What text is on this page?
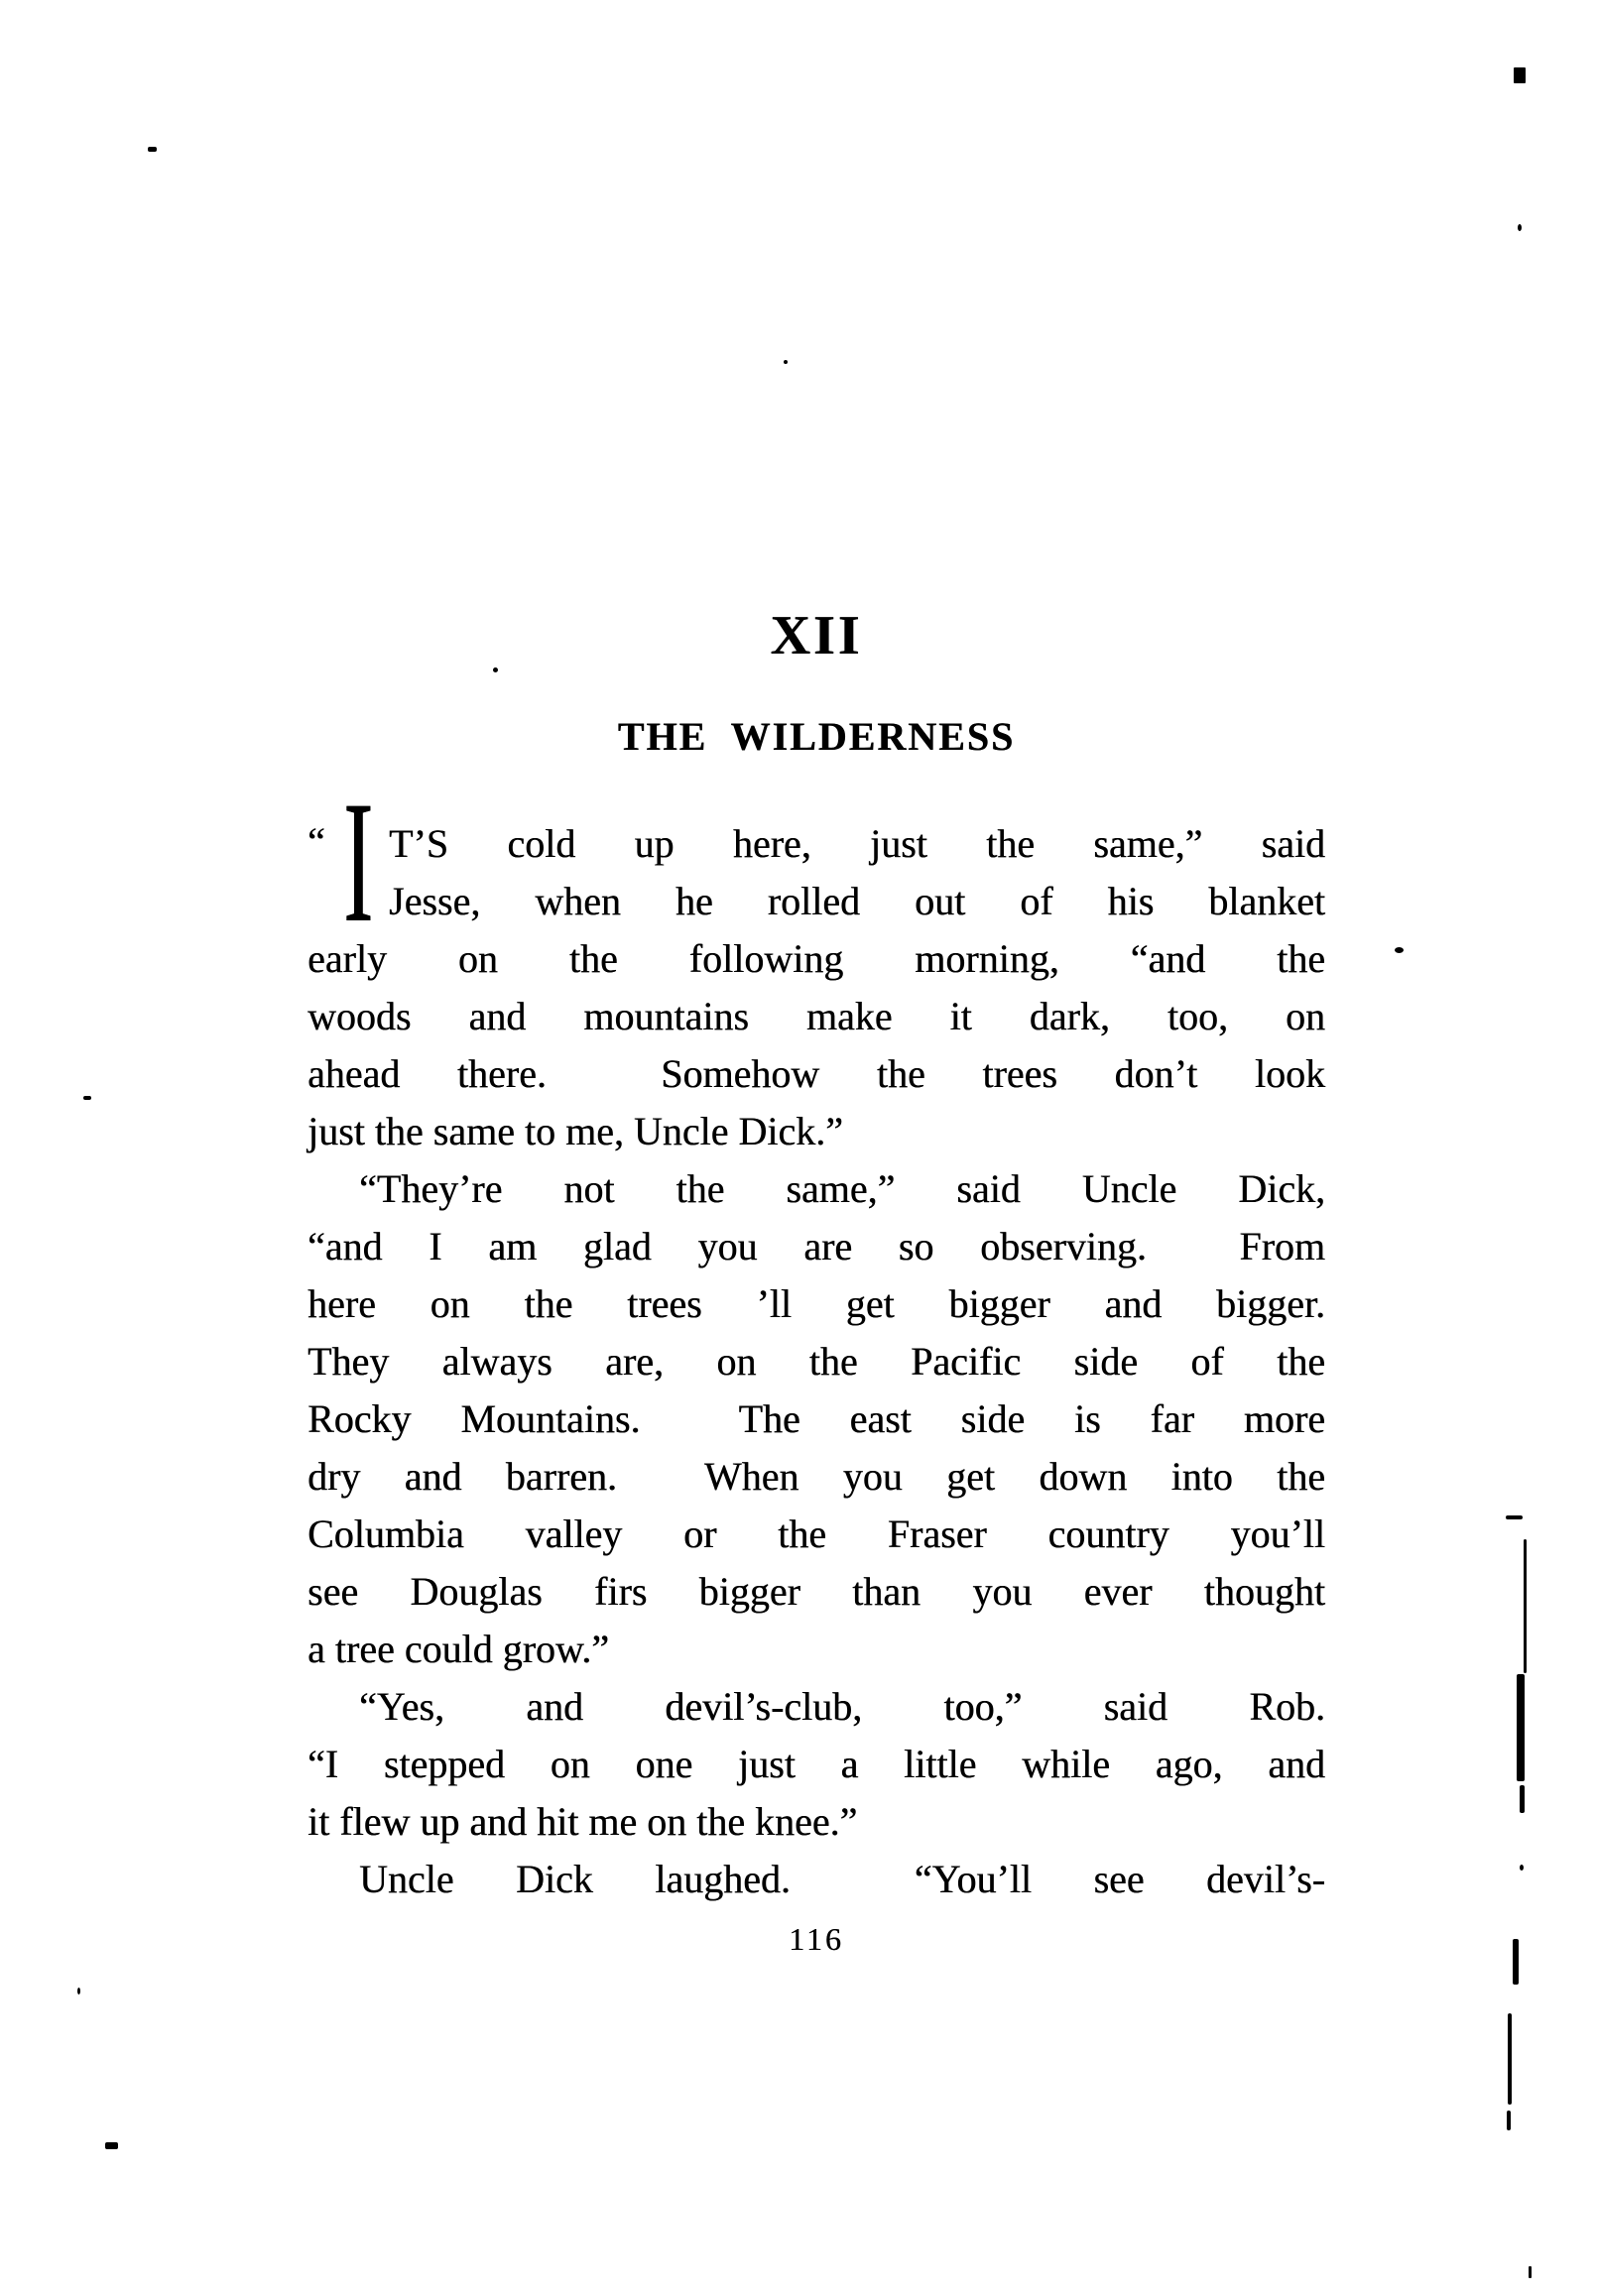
XII
THE WILDERNESS
“ I T’S cold up here, just the same,” said
Jesse, when he rolled out of his blanket
early on the following morning, “and the
woods and mountains make it dark, too, on
ahead there.  Somehow the trees don’t look
just the same to me, Uncle Dick.”
“They’re not the same,” said Uncle Dick,
“and I am glad you are so observing.  From
here on the trees ’ll get bigger and bigger.
They always are, on the Pacific side of the
Rocky Mountains.  The east side is far more
dry and barren.  When you get down into the
Columbia valley or the Fraser country you’ll
see Douglas firs bigger than you ever thought
a tree could grow.”
“Yes, and devil’s-club, too,” said Rob.
“I stepped on one just a little while ago, and
it flew up and hit me on the knee.”
Uncle Dick laughed.  “You’ll see devil’s-
116
